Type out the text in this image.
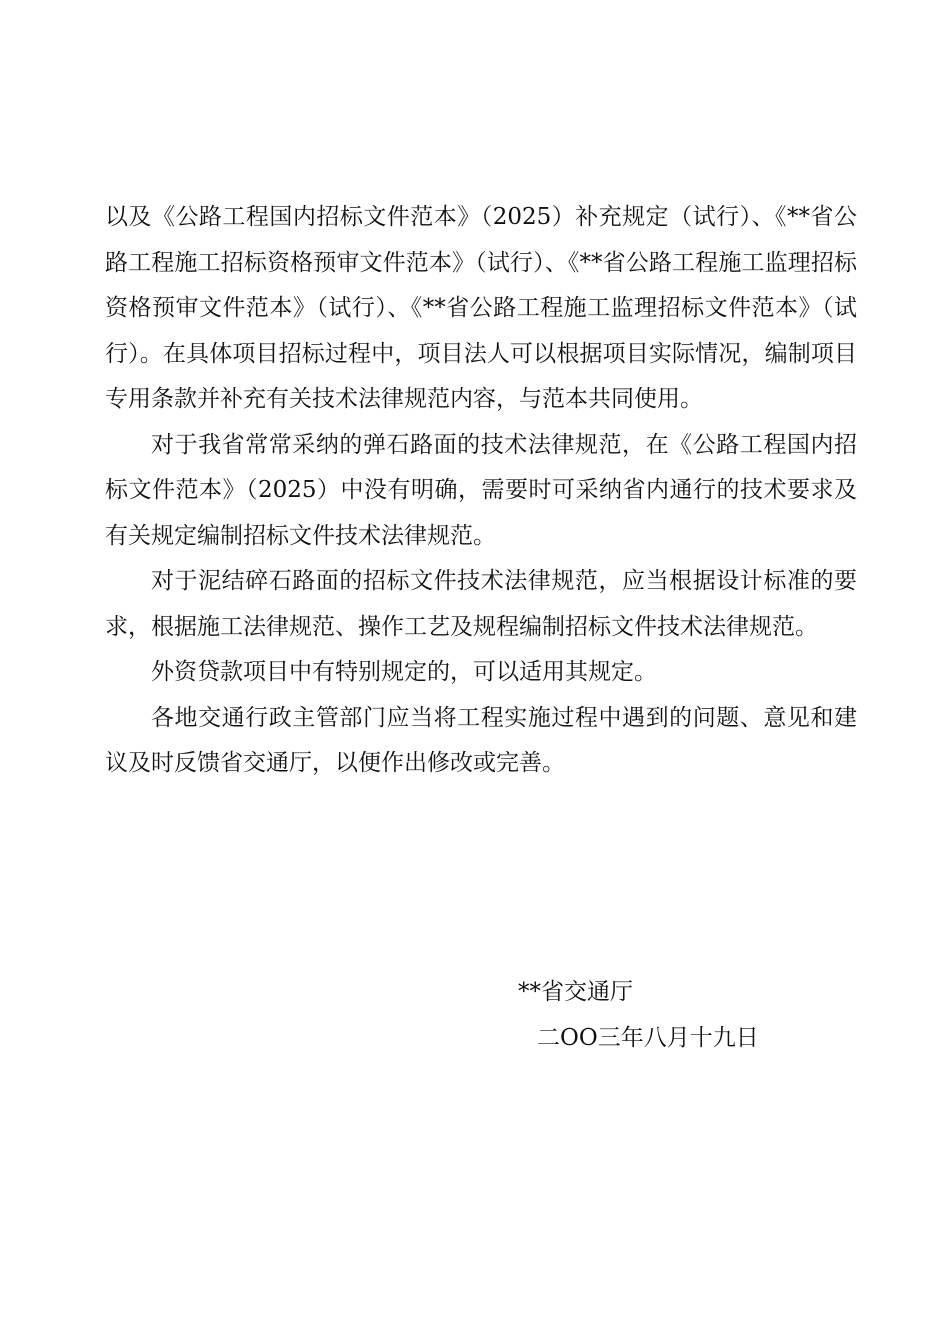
以及《公路工程国内招标文件范本》（2025）补充规定（试行）、《**省公路工程施工招标资格预审文件范本》（试行）、《**省公路工程施工监理招标资格预审文件范本》（试行）、《**省公路工程施工监理招标文件范本》（试行）。在具体项目招标过程中，项目法人可以根据项目实际情况，编制项目专用条款并补充有关技术法律规范内容，与范本共同使用。

对于我省常常采纳的弹石路面的技术法律规范，在《公路工程国内招标文件范本》（2025）中没有明确，需要时可采纳省内通行的技术要求及有关规定编制招标文件技术法律规范。

对于泥结碎石路面的招标文件技术法律规范，应当根据设计标准的要求，根据施工法律规范、操作工艺及规程编制招标文件技术法律规范。

外资贷款项目中有特别规定的，可以适用其规定。

各地交通行政主管部门应当将工程实施过程中遇到的问题、意见和建议及时反馈省交通厅，以便作出修改或完善。

**省交通厅
二OO三年八月十九日
